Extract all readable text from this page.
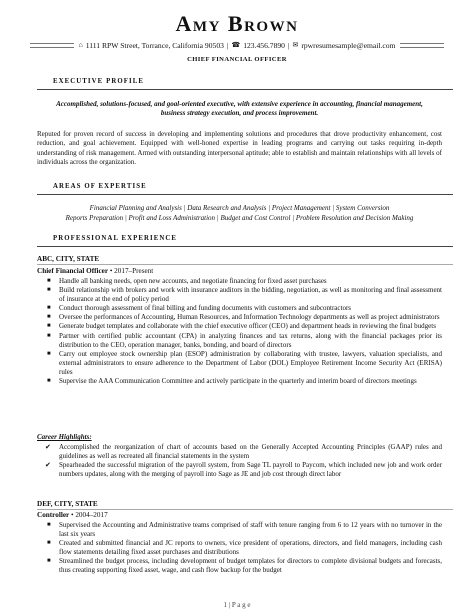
Amy Brown
⌂ 1111 RPW Street, Torrance, California 90503 | ☎ 123.456.7890 | ✉ rpwresumesample@email.com
CHIEF FINANCIAL OFFICER
EXECUTIVE PROFILE
Accomplished, solutions-focused, and goal-oriented executive, with extensive experience in accounting, financial management, business strategy execution, and process improvement.
Reputed for proven record of success in developing and implementing solutions and procedures that drove productivity enhancement, cost reduction, and goal achievement. Equipped with well-honed expertise in leading programs and carrying out tasks requiring in-depth understanding of risk management. Armed with outstanding interpersonal aptitude; able to establish and maintain relationships with all levels of individuals across the organization.
AREAS OF EXPERTISE
Financial Planning and Analysis | Data Research and Analysis | Project Management | System Conversion
Reports Preparation | Profit and Loss Administration | Budget and Cost Control | Problem Resolution and Decision Making
PROFESSIONAL EXPERIENCE
ABC, CITY, STATE
Chief Financial Officer • 2017–Present
■ Handle all banking needs, open new accounts, and negotiate financing for fixed asset purchases
■ Build relationship with brokers and work with insurance auditors in the bidding, negotiation, as well as monitoring and final assessment of insurance at the end of policy period
■ Conduct thorough assessment of final billing and funding documents with customers and subcontractors
■ Oversee the performances of Accounting, Human Resources, and Information Technology departments as well as project administrators
■ Generate budget templates and collaborate with the chief executive officer (CEO) and department heads in reviewing the final budgets
■ Partner with certified public accountant (CPA) in analyzing finances and tax returns, along with the financial packages prior its distribution to the CEO, operation manager, banks, bonding, and board of directors
■ Carry out employee stock ownership plan (ESOP) administration by collaborating with trustee, lawyers, valuation specialists, and external administrators to ensure adherence to the Department of Labor (DOL) Employee Retirement Income Security Act (ERISA) rules
■ Supervise the AAA Communication Committee and actively participate in the quarterly and interim board of directors meetings
Career Highlights:
✔ Accomplished the reorganization of chart of accounts based on the Generally Accepted Accounting Principles (GAAP) rules and guidelines as well as recreated all financial statements in the system
✔ Spearheaded the successful migration of the payroll system, from Sage TL payroll to Paycom, which included new job and work order numbers updates, along with the merging of payroll into Sage as JE and job cost through direct labor
DEF, CITY, STATE
Controller • 2004–2017
■ Supervised the Accounting and Administrative teams comprised of staff with tenure ranging from 6 to 12 years with no turnover in the last six years
■ Created and submitted financial and JC reports to owners, vice president of operations, directors, and field managers, including cash flow statements detailing fixed asset purchases and distributions
■ Streamlined the budget process, including development of budget templates for directors to complete divisional budgets and forecasts, thus creating supporting fixed asset, wage, and cash flow backup for the budget
1 | P a g e
